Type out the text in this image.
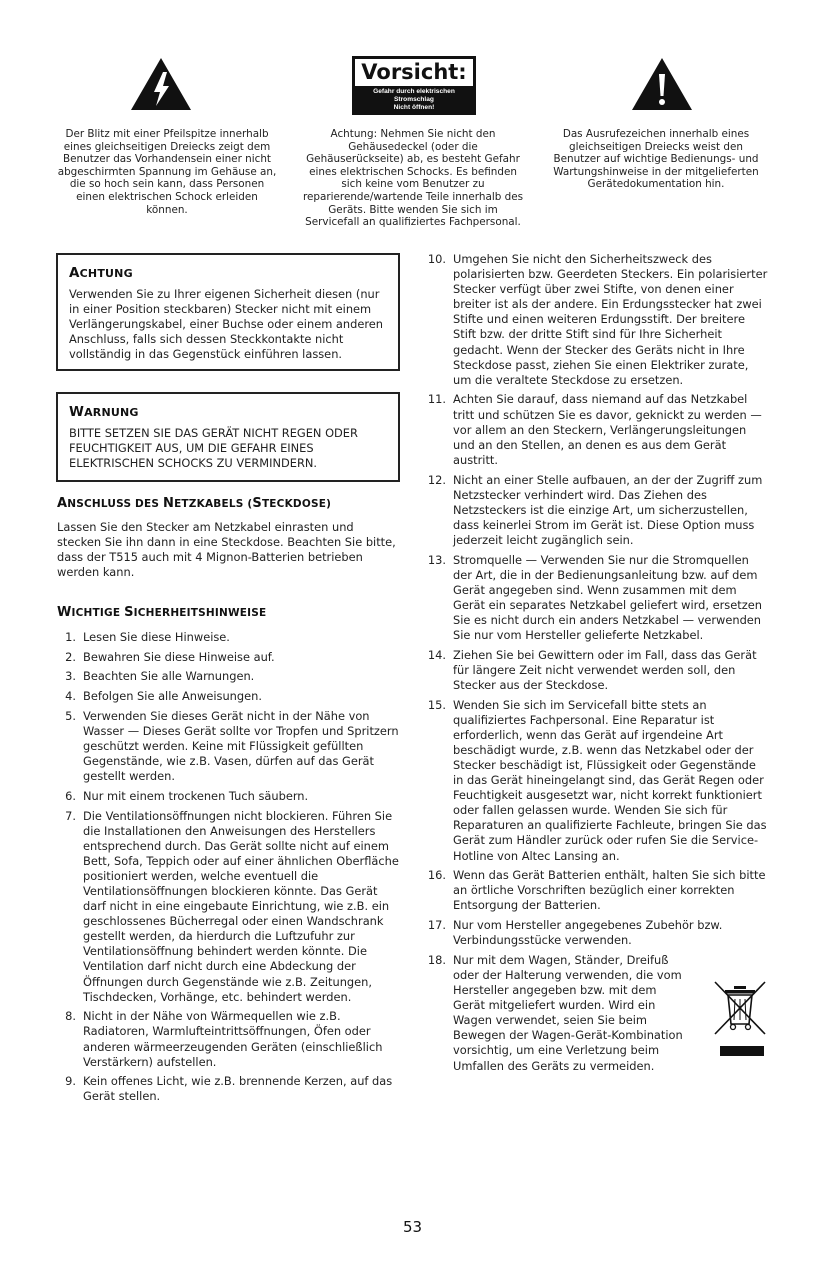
Vorsicht:
Gefahr durch elektrischen
Stromschlag
Nicht öffnen!
Der Blitz mit einer Pfeilspitze innerhalb eines gleichseitigen Dreiecks zeigt dem Benutzer das Vorhandensein einer nicht abgeschirmten Spannung im Gehäuse an, die so hoch sein kann, dass Personen einen elektrischen Schock erleiden können.
Achtung: Nehmen Sie nicht den Gehäusedeckel (oder die Gehäuserückseite) ab, es besteht Gefahr eines elektrischen Schocks. Es befinden sich keine vom Benutzer zu reparierende/wartende Teile innerhalb des Geräts. Bitte wenden Sie sich im Servicefall an qualifiziertes Fachpersonal.
Das Ausrufezeichen innerhalb eines gleichseitigen Dreiecks weist den Benutzer auf wichtige Bedienungs- und Wartungshinweise in der mitgelieferten Gerätedokumentation hin.
ACHTUNG
Verwenden Sie zu Ihrer eigenen Sicherheit diesen (nur in einer Position steckbaren) Stecker nicht mit einem Verlängerungskabel, einer Buchse oder einem anderen Anschluss, falls sich dessen Steckkontakte nicht vollständig in das Gegenstück einführen lassen.
WARNUNG
BITTE SETZEN SIE DAS GERÄT NICHT REGEN ODER FEUCHTIGKEIT AUS, UM DIE GEFAHR EINES ELEKTRISCHEN SCHOCKS ZU VERMINDERN.
ANSCHLUSS DES NETZKABELS (STECKDOSE)
Lassen Sie den Stecker am Netzkabel einrasten und stecken Sie ihn dann in eine Steckdose. Beachten Sie bitte, dass der T515 auch mit 4 Mignon-Batterien betrieben werden kann.
WICHTIGE SICHERHEITSHINWEISE
1. Lesen Sie diese Hinweise.
2. Bewahren Sie diese Hinweise auf.
3. Beachten Sie alle Warnungen.
4. Befolgen Sie alle Anweisungen.
5. Verwenden Sie dieses Gerät nicht in der Nähe von Wasser — Dieses Gerät sollte vor Tropfen und Spritzern geschützt werden. Keine mit Flüssigkeit gefüllten Gegenstände, wie z.B. Vasen, dürfen auf das Gerät gestellt werden.
6. Nur mit einem trockenen Tuch säubern.
7. Die Ventilationsöffnungen nicht blockieren. Führen Sie die Installationen den Anweisungen des Herstellers entsprechend durch. Das Gerät sollte nicht auf einem Bett, Sofa, Teppich oder auf einer ähnlichen Oberfläche positioniert werden, welche eventuell die Ventilationsöffnungen blockieren könnte. Das Gerät darf nicht in eine eingebaute Einrichtung, wie z.B. ein geschlossenes Bücherregal oder einen Wandschrank gestellt werden, da hierdurch die Luftzufuhr zur Ventilationsöffnung behindert werden könnte. Die Ventilation darf nicht durch eine Abdeckung der Öffnungen durch Gegenstände wie z.B. Zeitungen, Tischdecken, Vorhänge, etc. behindert werden.
8. Nicht in der Nähe von Wärmequellen wie z.B. Radiatoren, Warmlufteintrittsöffnungen, Öfen oder anderen wärmeerzeugenden Geräten (einschließlich Verstärkern) aufstellen.
9. Kein offenes Licht, wie z.B. brennende Kerzen, auf das Gerät stellen.
10. Umgehen Sie nicht den Sicherheitszweck des polarisierten bzw. Geerdeten Steckers. Ein polarisierter Stecker verfügt über zwei Stifte, von denen einer breiter ist als der andere. Ein Erdungsstecker hat zwei Stifte und einen weiteren Erdungsstift. Der breitere Stift bzw. der dritte Stift sind für Ihre Sicherheit gedacht. Wenn der Stecker des Geräts nicht in Ihre Steckdose passt, ziehen Sie einen Elektriker zurate, um die veraltete Steckdose zu ersetzen.
11. Achten Sie darauf, dass niemand auf das Netzkabel tritt und schützen Sie es davor, geknickt zu werden — vor allem an den Steckern, Verlängerungsleitungen und an den Stellen, an denen es aus dem Gerät austritt.
12. Nicht an einer Stelle aufbauen, an der der Zugriff zum Netzstecker verhindert wird. Das Ziehen des Netzsteckers ist die einzige Art, um sicherzustellen, dass keinerlei Strom im Gerät ist. Diese Option muss jederzeit leicht zugänglich sein.
13. Stromquelle — Verwenden Sie nur die Stromquellen der Art, die in der Bedienungsanleitung bzw. auf dem Gerät angegeben sind. Wenn zusammen mit dem Gerät ein separates Netzkabel geliefert wird, ersetzen Sie es nicht durch ein anders Netzkabel — verwenden Sie nur vom Hersteller gelieferte Netzkabel.
14. Ziehen Sie bei Gewittern oder im Fall, dass das Gerät für längere Zeit nicht verwendet werden soll, den Stecker aus der Steckdose.
15. Wenden Sie sich im Servicefall bitte stets an qualifiziertes Fachpersonal. Eine Reparatur ist erforderlich, wenn das Gerät auf irgendeine Art beschädigt wurde, z.B. wenn das Netzkabel oder der Stecker beschädigt ist, Flüssigkeit oder Gegenstände in das Gerät hineingelangt sind, das Gerät Regen oder Feuchtigkeit ausgesetzt war, nicht korrekt funktioniert oder fallen gelassen wurde. Wenden Sie sich für Reparaturen an qualifizierte Fachleute, bringen Sie das Gerät zum Händler zurück oder rufen Sie die Service-Hotline von Altec Lansing an.
16. Wenn das Gerät Batterien enthält, halten Sie sich bitte an örtliche Vorschriften bezüglich einer korrekten Entsorgung der Batterien.
17. Nur vom Hersteller angegebenes Zubehör bzw. Verbindungsstücke verwenden.
18. Nur mit dem Wagen, Ständer, Dreifuß oder der Halterung verwenden, die vom Hersteller angegeben bzw. mit dem Gerät mitgeliefert wurden. Wird ein Wagen verwendet, seien Sie beim Bewegen der Wagen-Gerät-Kombination vorsichtig, um eine Verletzung beim Umfallen des Geräts zu vermeiden.
53
